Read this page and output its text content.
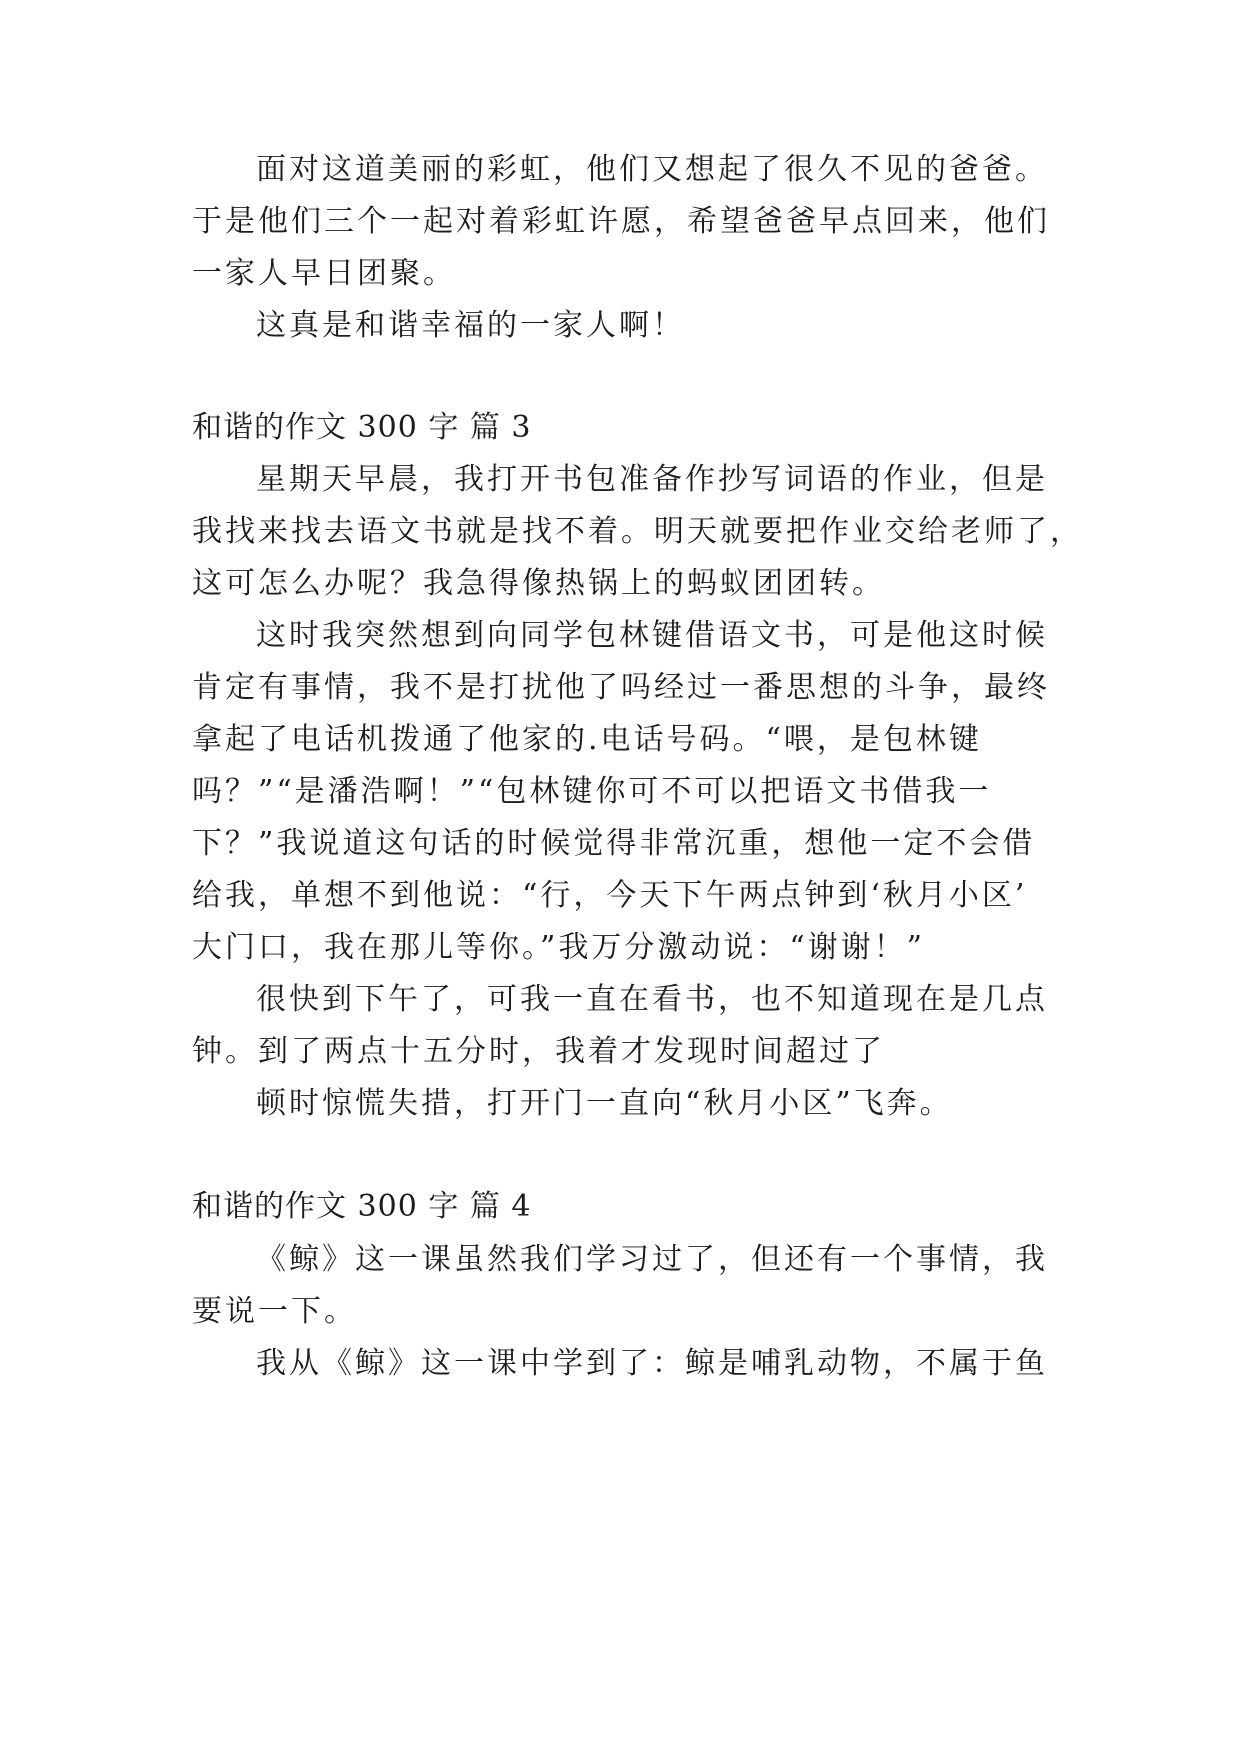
面对这道美丽的彩虹，他们又想起了很久不见的爸爸。
于是他们三个一起对着彩虹许愿，希望爸爸早点回来，他们
一家人早日团聚。
这真是和谐幸福的一家人啊！
和谐的作文 300 字 篇 3
星期天早晨，我打开书包准备作抄写词语的作业，但是
我找来找去语文书就是找不着。明天就要把作业交给老师了，
这可怎么办呢？我急得像热锅上的蚂蚁团团转。
这时我突然想到向同学包林键借语文书，可是他这时候
肯定有事情，我不是打扰他了吗经过一番思想的斗争，最终
拿起了电话机拨通了他家的.电话号码。“喂，是包林键
吗？”“是潘浩啊！”“包林键你可不可以把语文书借我一
下？”我说道这句话的时候觉得非常沉重，想他一定不会借
给我，单想不到他说：“行，今天下午两点钟到‘秋月小区’
大门口，我在那儿等你。”我万分激动说：“谢谢！”
很快到下午了，可我一直在看书，也不知道现在是几点
钟。到了两点十五分时，我着才发现时间超过了
顿时惊慌失措，打开门一直向“秋月小区”飞奔。
和谐的作文 300 字 篇 4
《鲸》这一课虽然我们学习过了，但还有一个事情，我
要说一下。
我从《鲸》这一课中学到了：鲸是哺乳动物，不属于鱼
